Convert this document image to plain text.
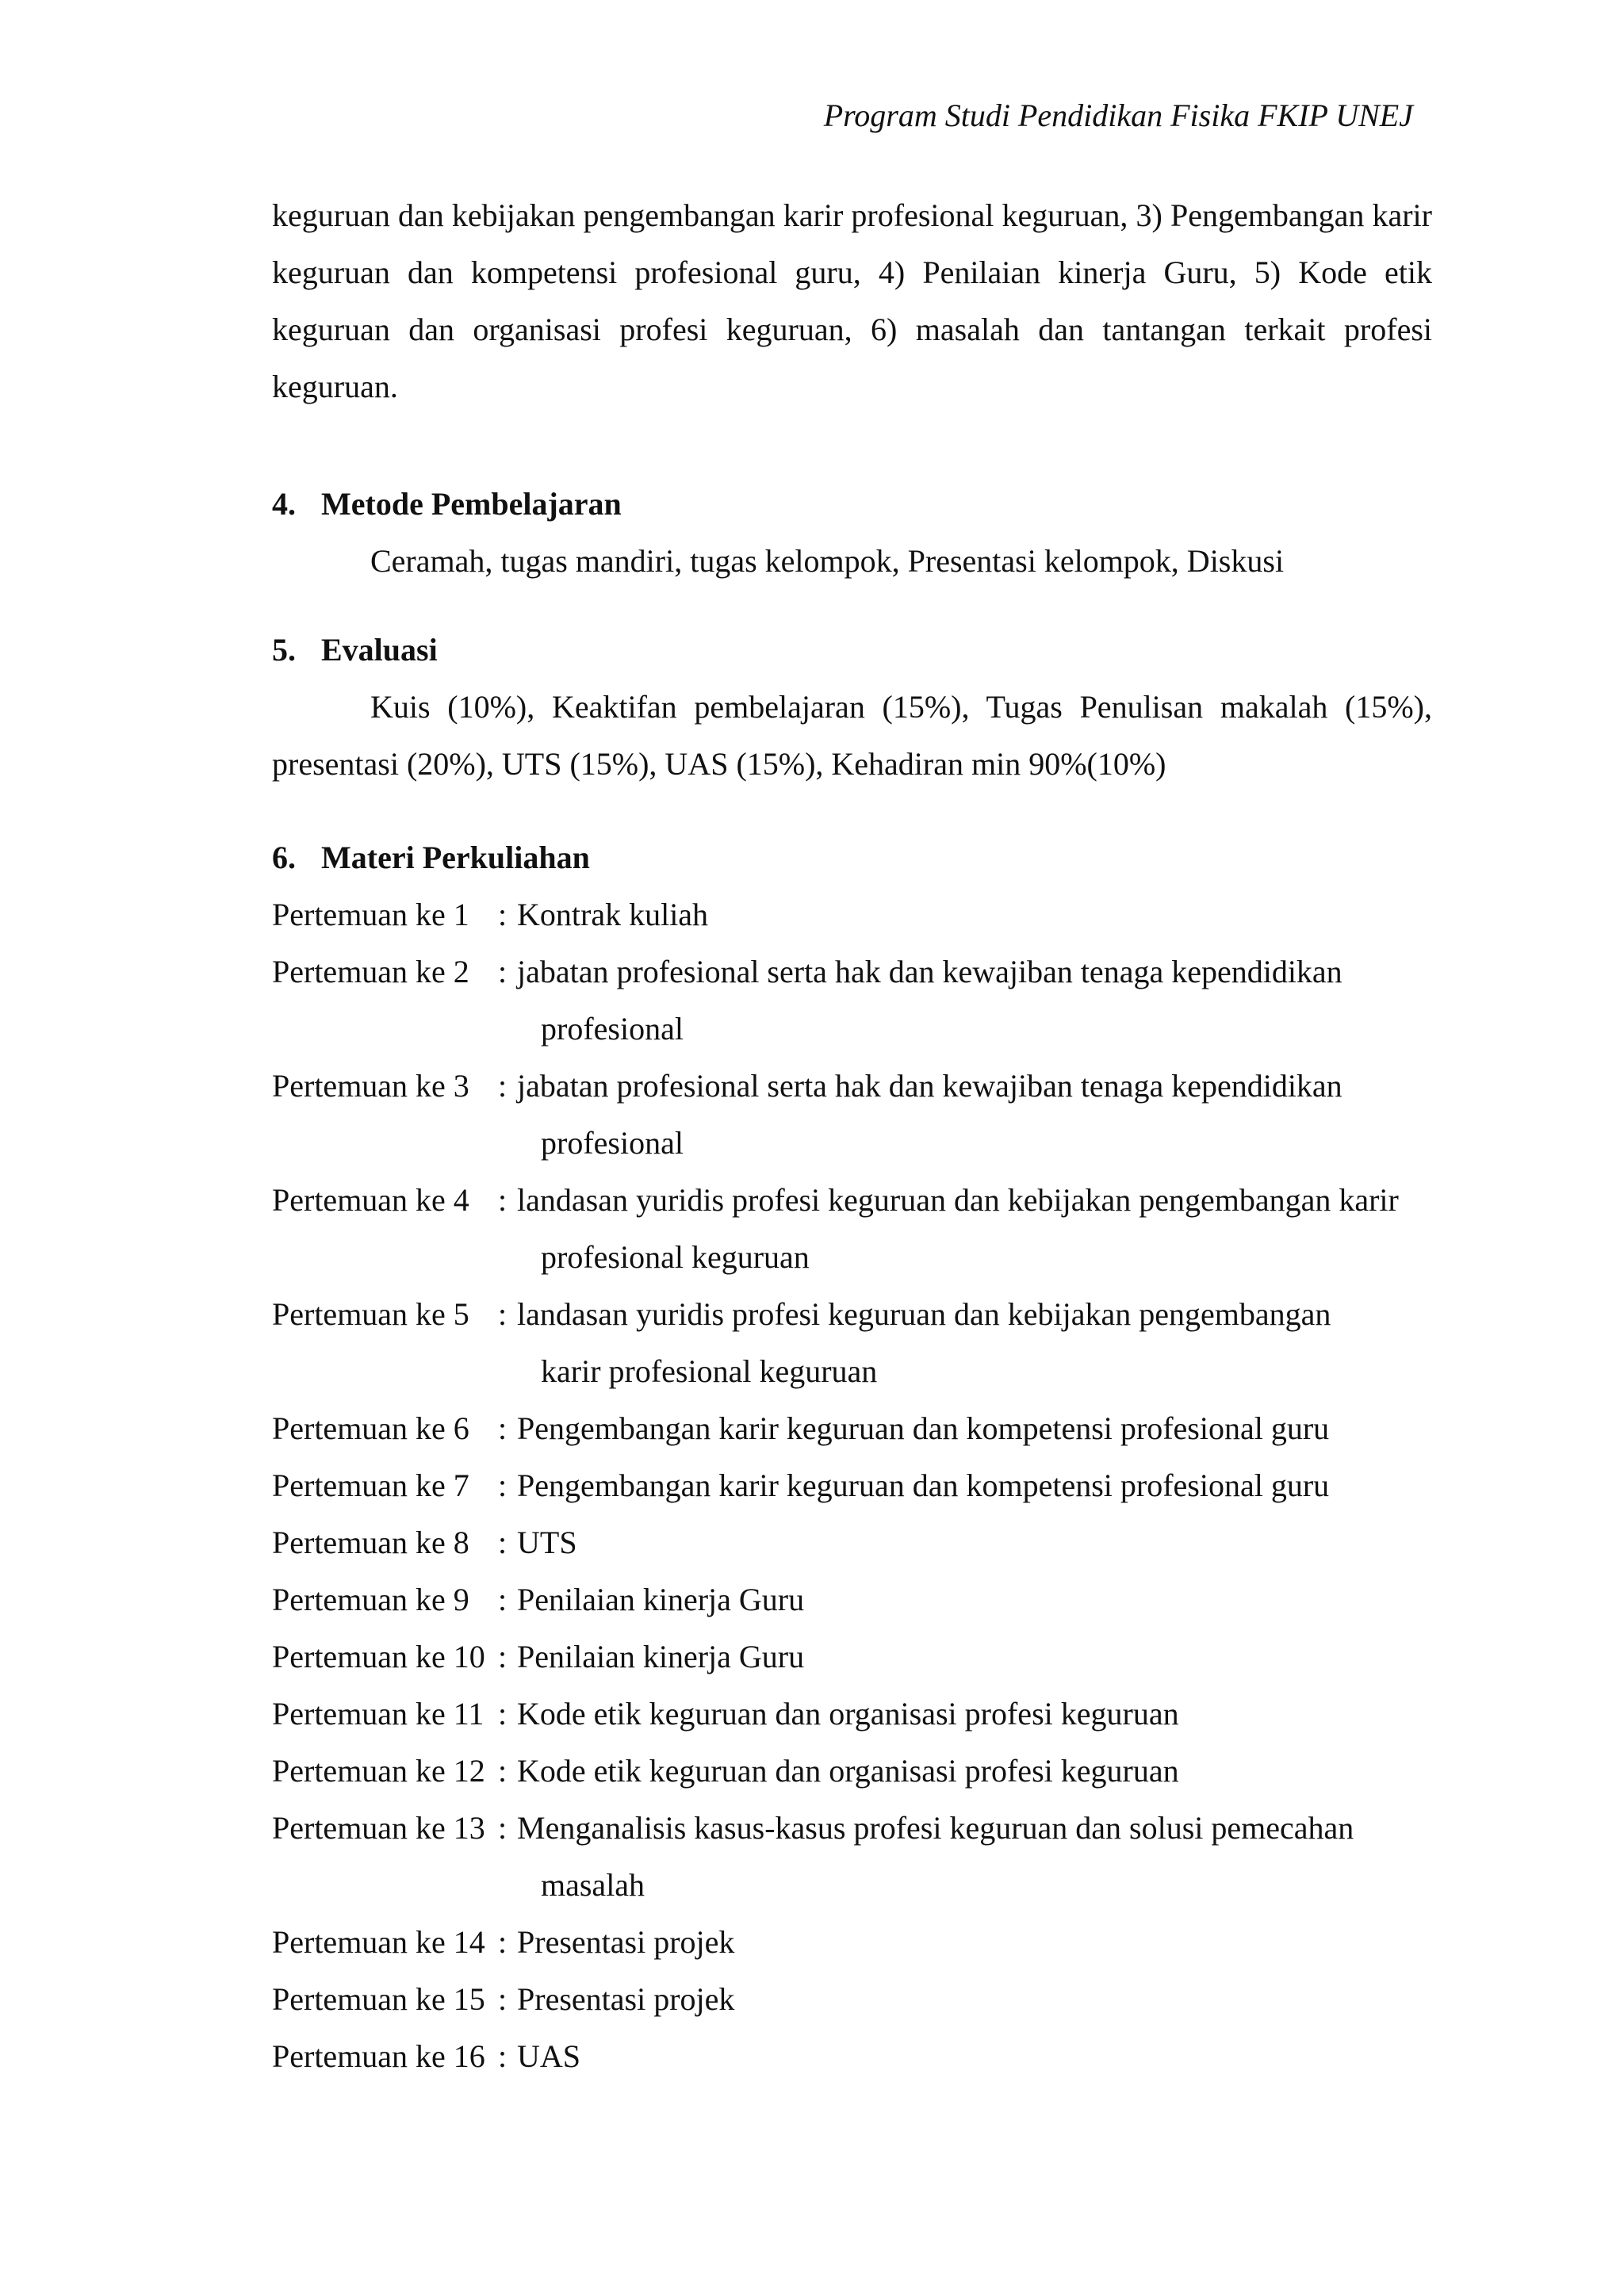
Program Studi Pendidikan Fisika FKIP UNEJ

keguruan dan kebijakan pengembangan karir profesional keguruan, 3) Pengembangan karir keguruan dan kompetensi profesional guru, 4) Penilaian kinerja Guru, 5) Kode etik keguruan dan organisasi profesi keguruan, 6) masalah dan tantangan terkait profesi keguruan.

4. Metode Pembelajaran
Ceramah, tugas mandiri, tugas kelompok, Presentasi kelompok, Diskusi
5. Evaluasi

Kuis (10%), Keaktifan pembelajaran (15%), Tugas Penulisan makalah (15%), presentasi (20%), UTS (15%), UAS (15%), Kehadiran min 90%(10%)

6. Materi Perkuliahan
Pertemuan ke 1 : Kontrak kuliah
Pertemuan ke 2 : jabatan profesional serta hak dan kewajiban tenaga kependidikan
profesional
Pertemuan ke 3 : jabatan profesional serta hak dan kewajiban tenaga kependidikan
profesional
Pertemuan ke 4 : landasan yuridis profesi keguruan dan kebijakan pengembangan karir
profesional keguruan
Pertemuan ke 5 : landasan yuridis profesi keguruan dan kebijakan pengembangan
karir profesional keguruan
Pertemuan ke 6 : Pengembangan karir keguruan dan kompetensi profesional guru
Pertemuan ke 7 : Pengembangan karir keguruan dan kompetensi profesional guru
Pertemuan ke 8 : UTS
Pertemuan ke 9 : Penilaian kinerja Guru
Pertemuan ke 10 : Penilaian kinerja Guru
Pertemuan ke 11 : Kode etik keguruan dan organisasi profesi keguruan
Pertemuan ke 12 : Kode etik keguruan dan organisasi profesi keguruan
Pertemuan ke 13 : Menganalisis kasus-kasus profesi keguruan dan solusi pemecahan
masalah
Pertemuan ke 14 : Presentasi projek
Pertemuan ke 15 : Presentasi projek
Pertemuan ke 16 : UAS
